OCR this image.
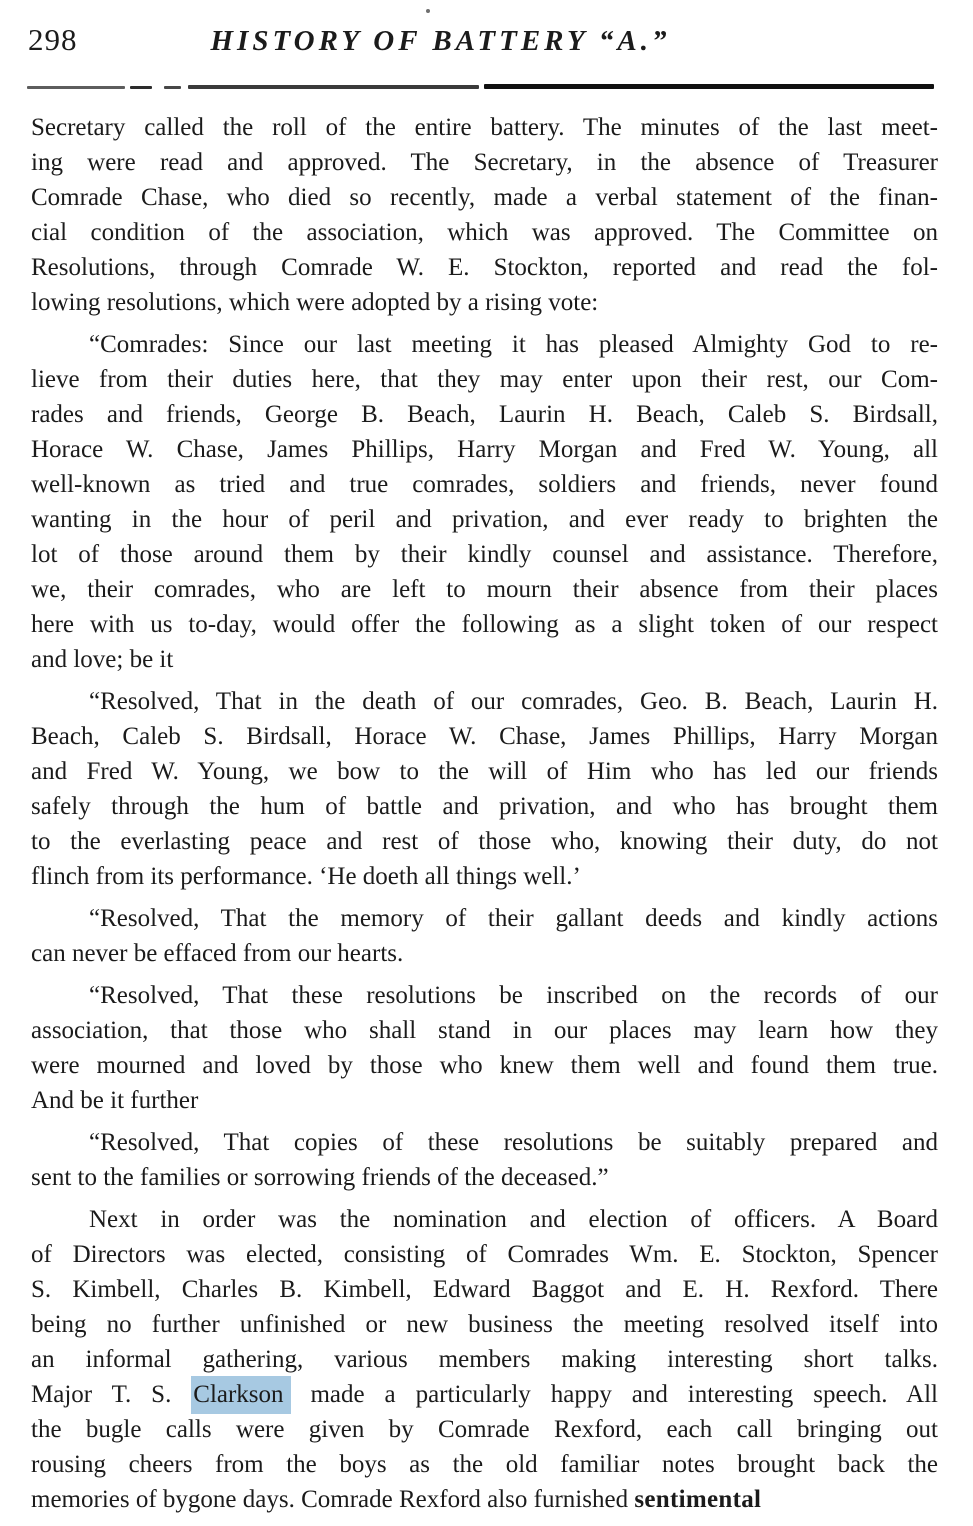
298	HISTORY OF BATTERY “A.”

Secretary called the roll of the entire battery. The minutes of the last meet-
ing were read and approved. The Secretary, in the absence of Treasurer
Comrade Chase, who died so recently, made a verbal statement of the finan-
cial condition of the association, which was approved. The Committee on
Resolutions, through Comrade W. E. Stockton, reported and read the fol-
lowing resolutions, which were adopted by a rising vote:

“Comrades: Since our last meeting it has pleased Almighty God to re-
lieve from their duties here, that they may enter upon their rest, our Com-
rades and friends, George B. Beach, Laurin H. Beach, Caleb S. Birdsall,
Horace W. Chase, James Phillips, Harry Morgan and Fred W. Young, all
well-known as tried and true comrades, soldiers and friends, never found
wanting in the hour of peril and privation, and ever ready to brighten the
lot of those around them by their kindly counsel and assistance. Therefore,
we, their comrades, who are left to mourn their absence from their places
here with us to-day, would offer the following as a slight token of our respect
and love; be it

“Resolved, That in the death of our comrades, Geo. B. Beach, Laurin H.
Beach, Caleb S. Birdsall, Horace W. Chase, James Phillips, Harry Morgan
and Fred W. Young, we bow to the will of Him who has led our friends
safely through the hum of battle and privation, and who has brought them
to the everlasting peace and rest of those who, knowing their duty, do not
flinch from its performance. ‘He doeth all things well.’

“Resolved, That the memory of their gallant deeds and kindly actions
can never be effaced from our hearts.

“Resolved, That these resolutions be inscribed on the records of our
association, that those who shall stand in our places may learn how they
were mourned and loved by those who knew them well and found them true.
And be it further

“Resolved, That copies of these resolutions be suitably prepared and
sent to the families or sorrowing friends of the deceased.”

Next in order was the nomination and election of officers. A Board
of Directors was elected, consisting of Comrades Wm. E. Stockton, Spencer
S. Kimbell, Charles B. Kimbell, Edward Baggot and E. H. Rexford. There
being no further unfinished or new business the meeting resolved itself into
an informal gathering, various members making interesting short talks.
Major T. S. Clarkson made a particularly happy and interesting speech. All
the bugle calls were given by Comrade Rexford, each call bringing out
rousing cheers from the boys as the old familiar notes brought back the
memories of bygone days. Comrade Rexford also furnished sentimental
